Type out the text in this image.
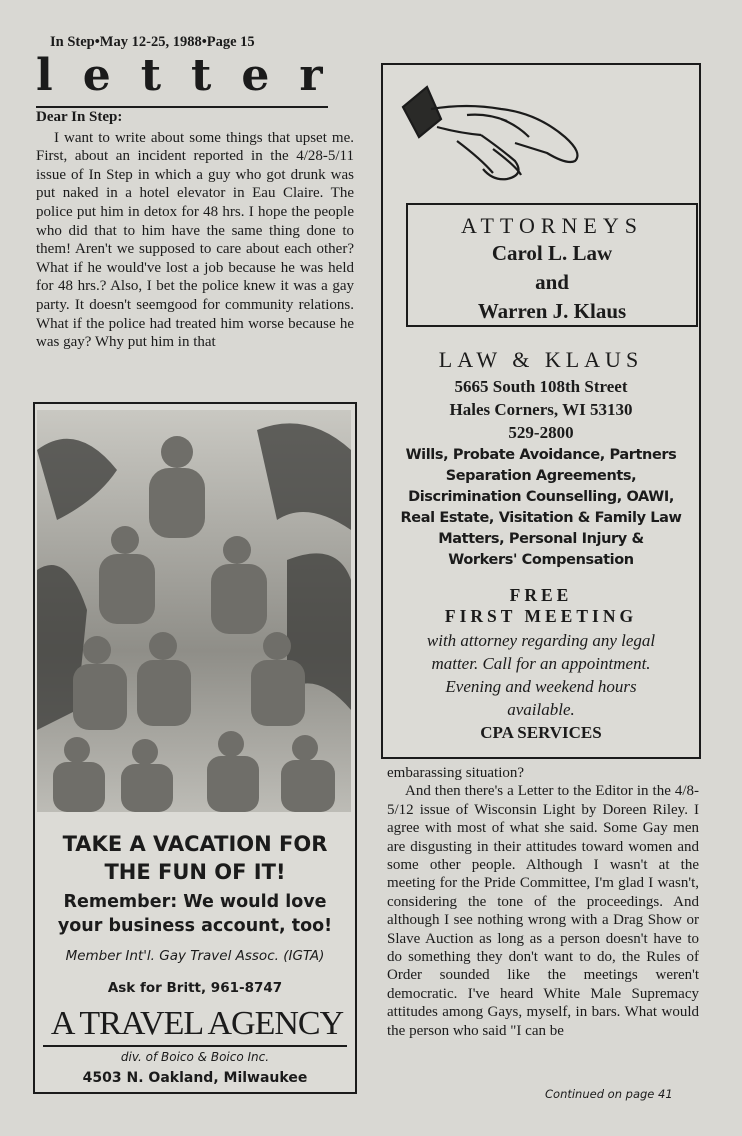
In Step•May 12-25, 1988•Page 15
letter
Dear In Step:

I want to write about some things that upset me. First, about an incident reported in the 4/28-5/11 issue of In Step in which a guy who got drunk was put naked in a hotel elevator in Eau Claire. The police put him in detox for 48 hrs. I hope the people who did that to him have the same thing done to them! Aren't we supposed to care about each other? What if he would've lost a job because he was held for 48 hrs.? Also, I bet the police knew it was a gay party. It doesn't seemgood for community relations. What if the police had treated him worse because he was gay? Why put him in that

TAKE A VACATION FOR
THE FUN OF IT!
Remember: We would love
your business account, too!
Member Int'l. Gay Travel Assoc. (IGTA)
Ask for Britt, 961-8747
A TRAVEL AGENCY
div. of Boico & Boico Inc.
4503 N. Oakland, Milwaukee
ATTORNEYS
Carol L. Law
and
Warren J. Klaus
LAW & KLAUS
5665 South 108th Street
Hales Corners, WI 53130
529-2800
Wills, Probate Avoidance, Partners
Separation Agreements,
Discrimination Counselling, OAWI,
Real Estate, Visitation & Family Law
Matters, Personal Injury &
Workers' Compensation
FREE
FIRST MEETING
with attorney regarding any legal matter. Call for an appointment. Evening and weekend hours available.
CPA SERVICES

embarassing situation?

And then there's a Letter to the Editor in the 4/8-5/12 issue of Wisconsin Light by Doreen Riley. I agree with most of what she said. Some Gay men are disgusting in their attitudes toward women and some other people. Although I wasn't at the meeting for the Pride Committee, I'm glad I wasn't, considering the tone of the proceedings. And although I see nothing wrong with a Drag Show or Slave Auction as long as a person doesn't have to do something they don't want to do, the Rules of Order sounded like the meetings weren't democratic. I've heard White Male Supremacy attitudes among Gays, myself, in bars. What would the person who said "I can be

Continued on page 41
